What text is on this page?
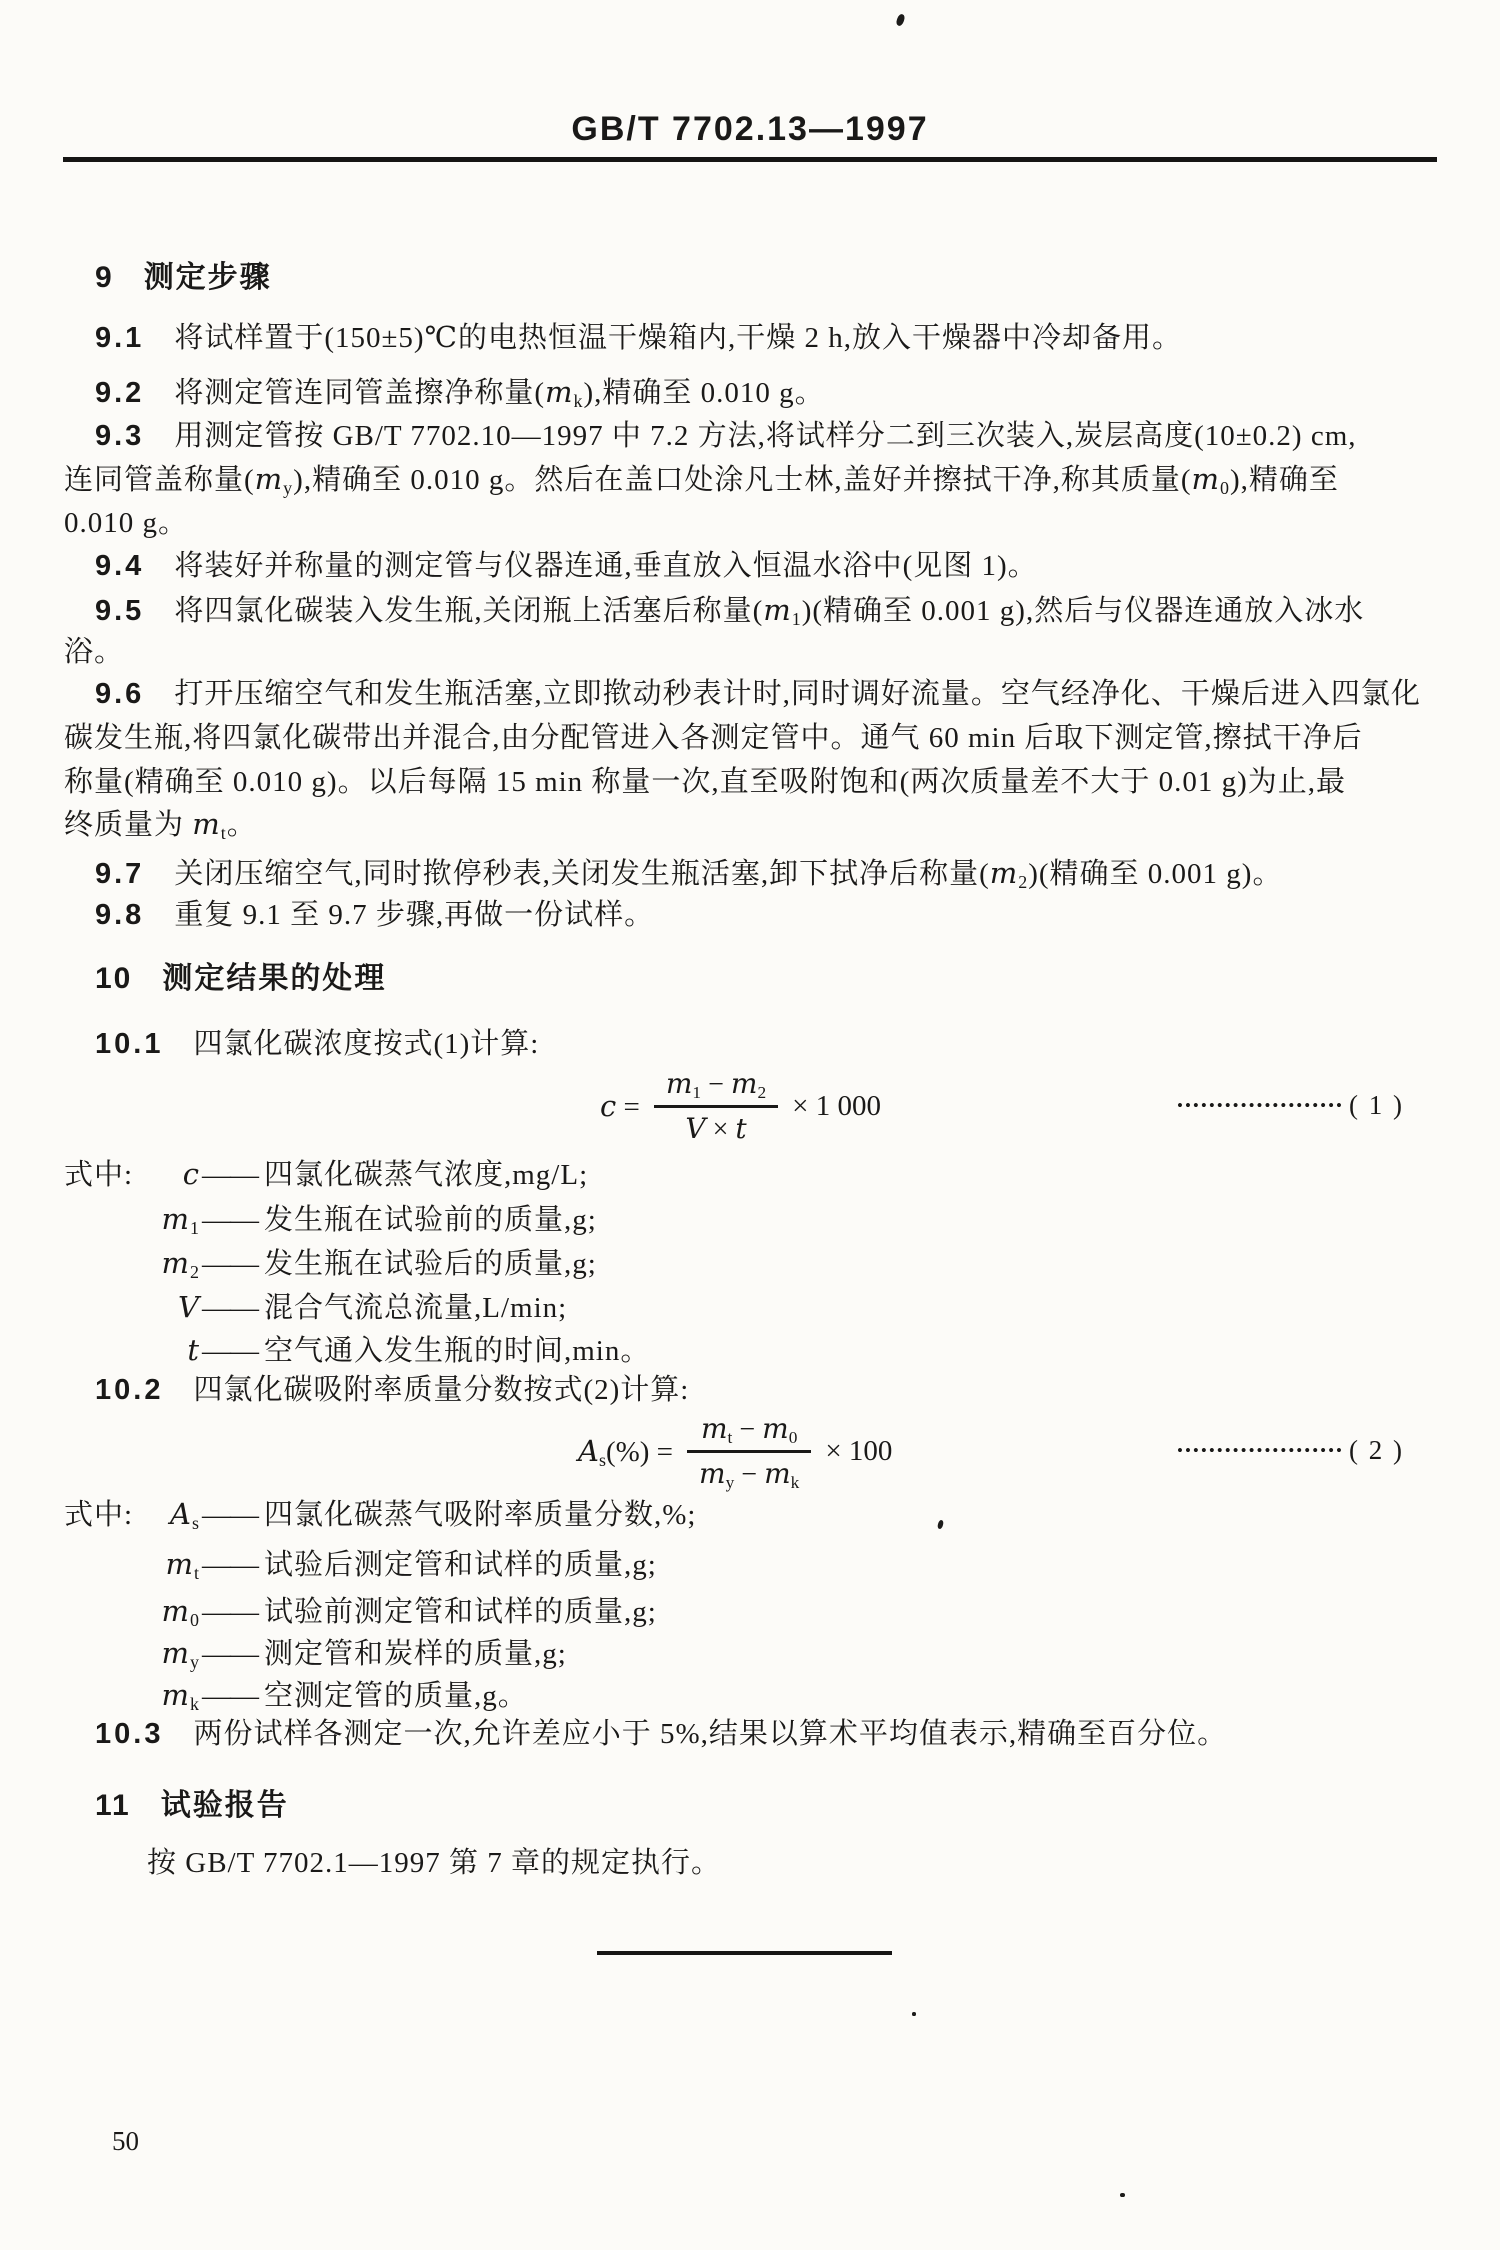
GB/T 7702.13—1997
9 测定步骤
9.1 将试样置于(150±5)℃的电热恒温干燥箱内,干燥 2 h,放入干燥器中冷却备用。
9.2 将测定管连同管盖擦净称量$(m_k)$,精确至 0.010 g。
9.3 用测定管按 GB/T 7702.10—1997 中 7.2 方法,将试样分二到三次装入,炭层高度(10±0.2) cm,
连同管盖称量$(m_y)$,精确至 0.010 g。然后在盖口处涂凡士林,盖好并擦拭干净,称其质量$(m_0)$,精确至
0.010 g。
9.4 将装好并称量的测定管与仪器连通,垂直放入恒温水浴中(见图 1)。
9.5 将四氯化碳装入发生瓶,关闭瓶上活塞后称量$(m_1)$(精确至 0.001 g),然后与仪器连通放入冰水
浴。
9.6 打开压缩空气和发生瓶活塞,立即揿动秒表计时,同时调好流量。空气经净化、干燥后进入四氯化
碳发生瓶,将四氯化碳带出并混合,由分配管进入各测定管中。通气 60 min 后取下测定管,擦拭干净后
称量(精确至 0.010 g)。以后每隔 15 min 称量一次,直至吸附饱和(两次质量差不大于 0.01 g)为止,最
终质量为 $m_t$。
9.7 关闭压缩空气,同时揿停秒表,关闭发生瓶活塞,卸下拭净后称量$(m_2)$(精确至 0.001 g)。
9.8 重复 9.1 至 9.7 步骤,再做一份试样。
10 测定结果的处理
10.1 四氯化碳浓度按式(1)计算:
$c = \frac{m_1 - m_2}{V \times t} \times 1$ 000	••••••••••••••••••••• ( 1 )
式中: c—— 四氯化碳蒸气浓度,mg/L;
$m_1——$ 发生瓶在试验前的质量,g;
$m_2——$ 发生瓶在试验后的质量,g;
V—— 混合气流总流量,L/min;
t—— 空气通入发生瓶的时间,min。
10.2 四氯化碳吸附率质量分数按式(2)计算:
$A_s(\%) = \frac{m_t - m_0}{m_y - m_k} \times 100$	••••••••••••••••••••• ( 2 )
式中: $A_s——$ 四氯化碳蒸气吸附率质量分数,%;
$m_t——$ 试验后测定管和试样的质量,g;
$m_0——$ 试验前测定管和试样的质量,g;
$m_y——$ 测定管和炭样的质量,g;
$m_k——$ 空测定管的质量,g。
10.3 两份试样各测定一次,允许差应小于 5%,结果以算术平均值表示,精确至百分位。
11 试验报告
按 GB/T 7702.1—1997 第 7 章的规定执行。
50
